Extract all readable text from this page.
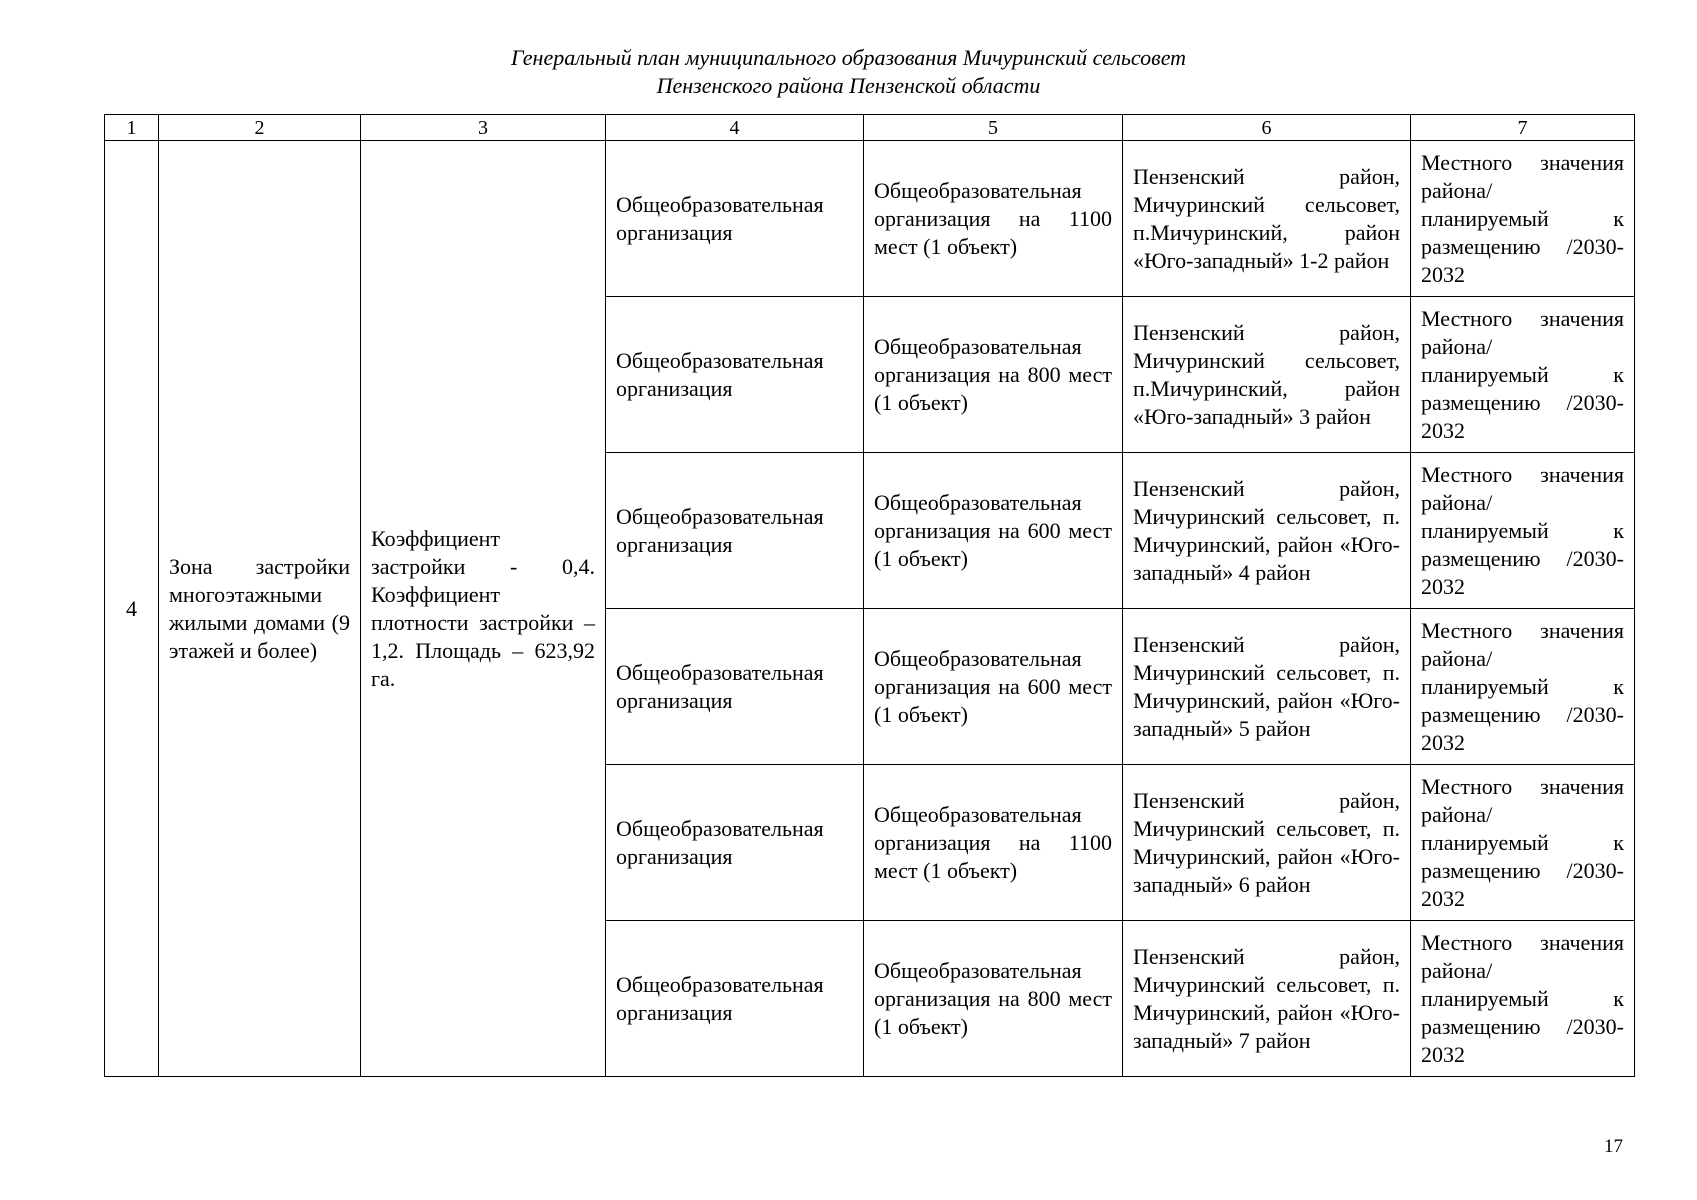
Генеральный план муниципального образования Мичуринский сельсовет
Пензенского района Пензенской области
1	2	3	4	5	6	7
4	Зона застройки многоэтажными жилыми домами (9 этажей и более)	Коэффициент застройки - 0,4. Коэффициент плотности застройки – 1,2. Площадь – 623,92 га.	Общеобразовательная организация	Общеобразовательная организация на 1100 мест (1 объект)	Пензенский район, Мичуринский сельсовет, п.Мичуринский, район «Юго-западный» 1-2 район	Местного значения района/ планируемый к размещению /2030-2032
			Общеобразовательная организация	Общеобразовательная организация на 800 мест (1 объект)	Пензенский район, Мичуринский сельсовет, п.Мичуринский, район «Юго-западный» 3 район	Местного значения района/ планируемый к размещению /2030-2032
			Общеобразовательная организация	Общеобразовательная организация на 600 мест (1 объект)	Пензенский район, Мичуринский сельсовет, п. Мичуринский, район «Юго-западный» 4 район	Местного значения района/ планируемый к размещению /2030-2032
			Общеобразовательная организация	Общеобразовательная организация на 600 мест (1 объект)	Пензенский район, Мичуринский сельсовет, п. Мичуринский, район «Юго-западный» 5 район	Местного значения района/ планируемый к размещению /2030-2032
			Общеобразовательная организация	Общеобразовательная организация на 1100 мест (1 объект)	Пензенский район, Мичуринский сельсовет, п. Мичуринский, район «Юго-западный» 6 район	Местного значения района/ планируемый к размещению /2030-2032
			Общеобразовательная организация	Общеобразовательная организация на 800 мест (1 объект)	Пензенский район, Мичуринский сельсовет, п. Мичуринский, район «Юго-западный» 7 район	Местного значения района/ планируемый к размещению /2030-2032
17
